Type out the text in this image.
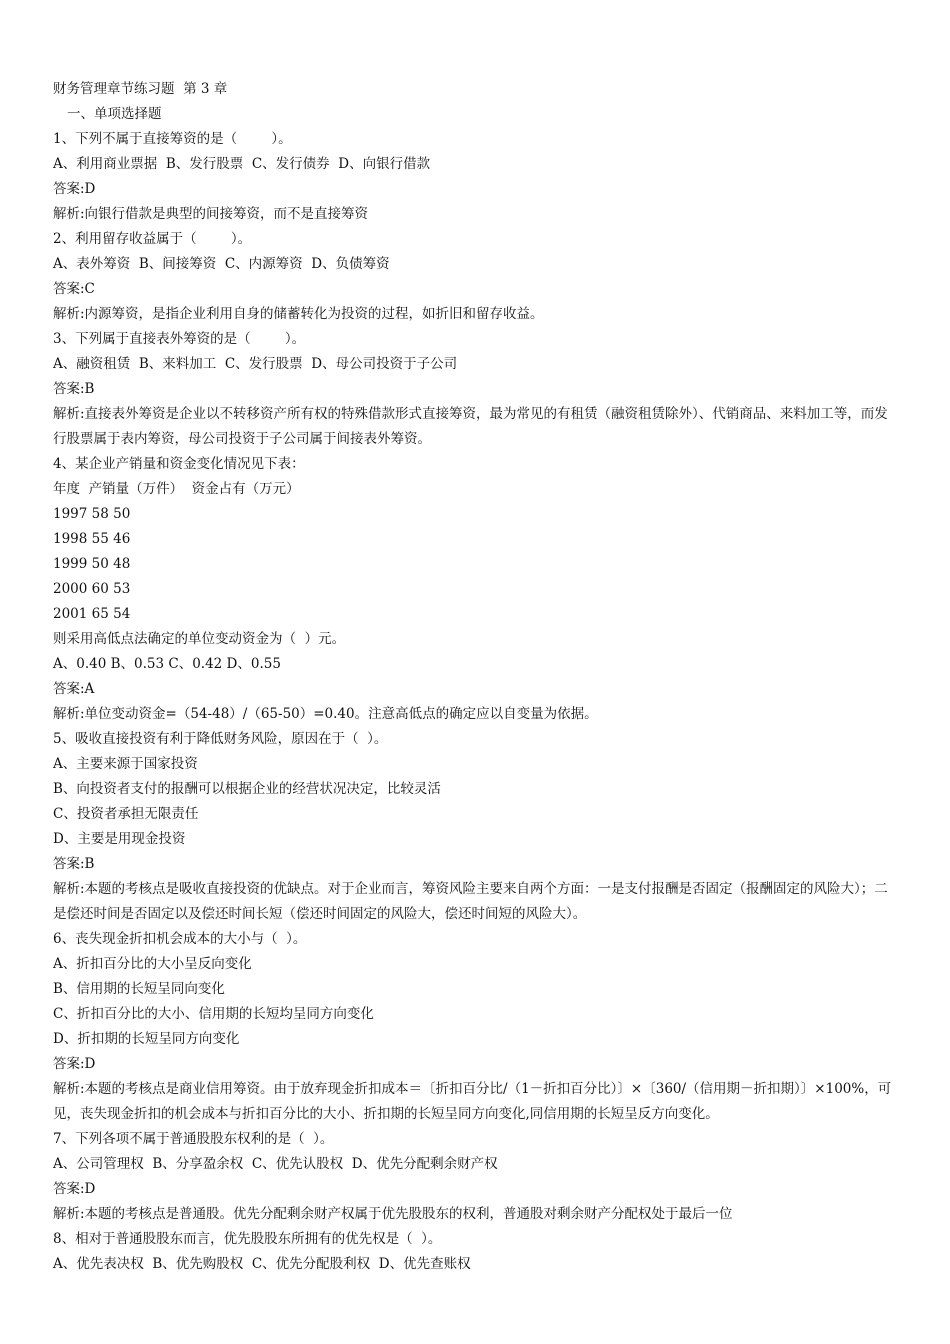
财务管理章节练习题  第 3 章
一、单项选择题
1、下列不属于直接筹资的是（        ）。
A、利用商业票据  B、发行股票  C、发行债券  D、向银行借款
答案:D
解析:向银行借款是典型的间接筹资，而不是直接筹资
2、利用留存收益属于（        ）。
A、表外筹资  B、间接筹资  C、内源筹资  D、负债筹资
答案:C
解析:内源筹资，是指企业利用自身的储蓄转化为投资的过程，如折旧和留存收益。
3、下列属于直接表外筹资的是（        ）。
A、融资租赁  B、来料加工  C、发行股票  D、母公司投资于子公司
答案:B
解析:直接表外筹资是企业以不转移资产所有权的特殊借款形式直接筹资，最为常见的有租赁（融资租赁除外）、代销商品、来料加工等，而发行股票属于表内筹资，母公司投资于子公司属于间接表外筹资。
4、某企业产销量和资金变化情况见下表：
年度  产销量（万件）  资金占有（万元）
1997 58 50
1998 55 46
1999 50 48
2000 60 53
2001 65 54
则采用高低点法确定的单位变动资金为（  ）元。
A、0.40 B、0.53 C、0.42 D、0.55
答案:A
解析:单位变动资金=（54-48）/（65-50）=0.40。注意高低点的确定应以自变量为依据。
5、吸收直接投资有利于降低财务风险，原因在于（  ）。
A、主要来源于国家投资
B、向投资者支付的报酬可以根据企业的经营状况决定，比较灵活
C、投资者承担无限责任
D、主要是用现金投资
答案:B
解析:本题的考核点是吸收直接投资的优缺点。对于企业而言，筹资风险主要来自两个方面：一是支付报酬是否固定（报酬固定的风险大）；二是偿还时间是否固定以及偿还时间长短（偿还时间固定的风险大，偿还时间短的风险大）。
6、丧失现金折扣机会成本的大小与（  ）。
A、折扣百分比的大小呈反向变化
B、信用期的长短呈同向变化
C、折扣百分比的大小、信用期的长短均呈同方向变化
D、折扣期的长短呈同方向变化
答案:D
解析:本题的考核点是商业信用筹资。由于放弃现金折扣成本＝〔折扣百分比/（1－折扣百分比）〕×〔360/（信用期－折扣期）〕×100%，可见，丧失现金折扣的机会成本与折扣百分比的大小、折扣期的长短呈同方向变化,同信用期的长短呈反方向变化。
7、下列各项不属于普通股股东权利的是（  ）。
A、公司管理权  B、分享盈余权  C、优先认股权  D、优先分配剩余财产权
答案:D
解析:本题的考核点是普通股。优先分配剩余财产权属于优先股股东的权利，普通股对剩余财产分配权处于最后一位
8、相对于普通股股东而言，优先股股东所拥有的优先权是（  ）。
A、优先表决权  B、优先购股权  C、优先分配股利权  D、优先查账权
